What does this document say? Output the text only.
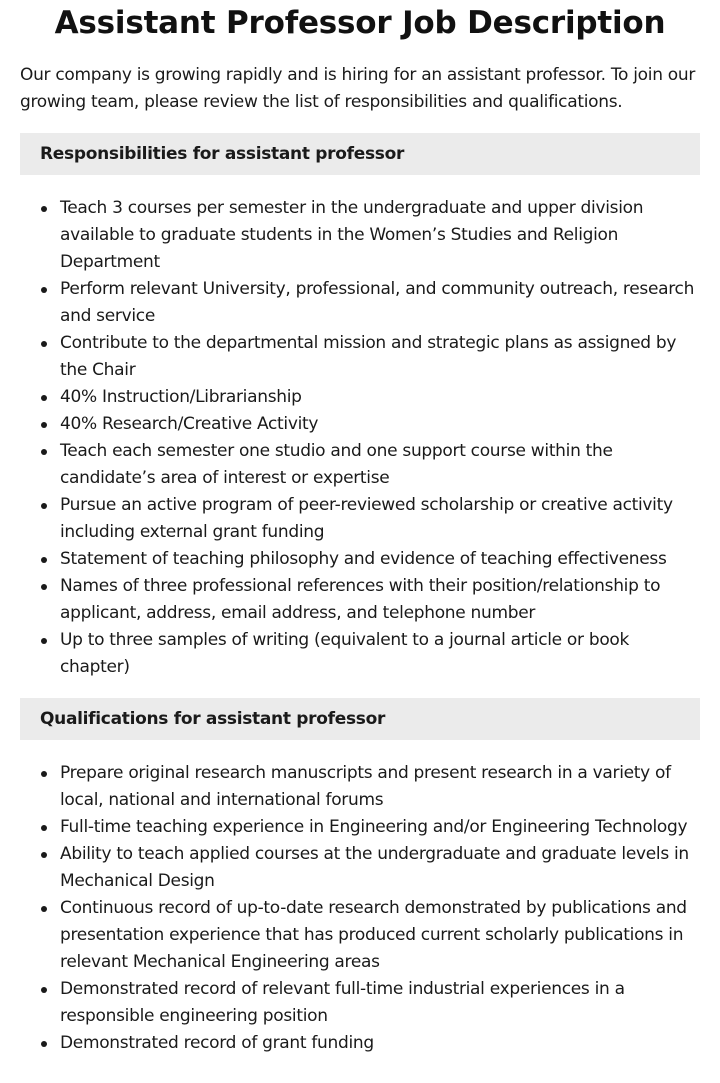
Assistant Professor Job Description

Our company is growing rapidly and is hiring for an assistant professor. To join our growing team, please review the list of responsibilities and qualifications.

Responsibilities for assistant professor
Teach 3 courses per semester in the undergraduate and upper division available to graduate students in the Women’s Studies and Religion Department
Perform relevant University, professional, and community outreach, research and service
Contribute to the departmental mission and strategic plans as assigned by the Chair
40% Instruction/Librarianship
40% Research/Creative Activity
Teach each semester one studio and one support course within the candidate’s area of interest or expertise
Pursue an active program of peer-reviewed scholarship or creative activity including external grant funding
Statement of teaching philosophy and evidence of teaching effectiveness
Names of three professional references with their position/relationship to applicant, address, email address, and telephone number
Up to three samples of writing (equivalent to a journal article or book chapter)
Qualifications for assistant professor
Prepare original research manuscripts and present research in a variety of local, national and international forums
Full-time teaching experience in Engineering and/or Engineering Technology
Ability to teach applied courses at the undergraduate and graduate levels in Mechanical Design
Continuous record of up-to-date research demonstrated by publications and presentation experience that has produced current scholarly publications in relevant Mechanical Engineering areas
Demonstrated record of relevant full-time industrial experiences in a responsible engineering position
Demonstrated record of grant funding
